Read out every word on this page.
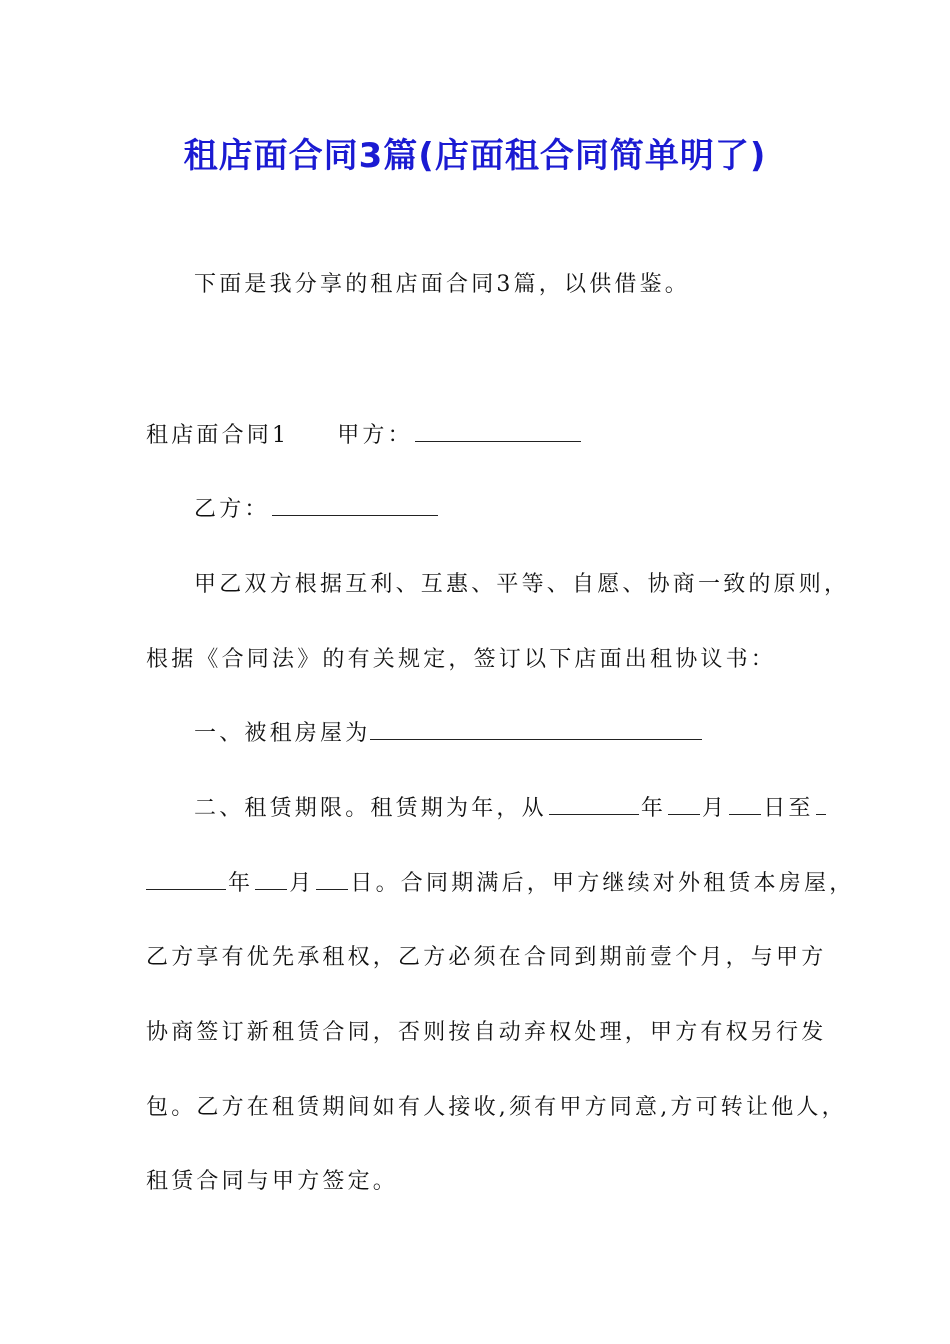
租店面合同3篇(店面租合同简单明了)
下面是我分享的租店面合同3篇，以供借鉴。
租店面合同1 甲方：
乙方：
甲乙双方根据互利、互惠、平等、自愿、协商一致的原则，
根据《合同法》的有关规定，签订以下店面出租协议书：
一、被租房屋为
二、租赁期限。租赁期为年，从	年 月 日至
年 月 日。合同期满后，甲方继续对外租赁本房屋，
乙方享有优先承租权，乙方必须在合同到期前壹个月，与甲方
协商签订新租赁合同，否则按自动弃权处理，甲方有权另行发
包。乙方在租赁期间如有人接收,须有甲方同意,方可转让他人，
租赁合同与甲方签定。
